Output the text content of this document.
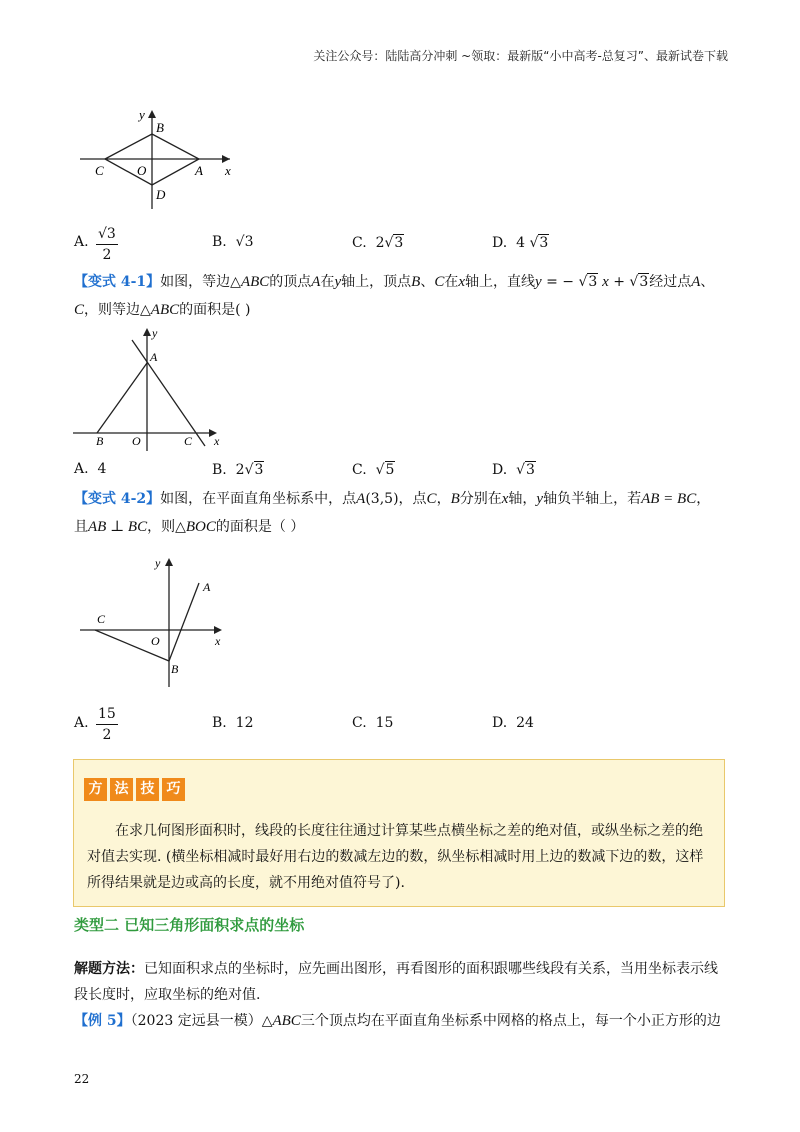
关注公众号：陆陆高分冲刺 ~领取：最新版“小中高考-总复习”、最新试卷下载
y
B
C	O	A x
D
A. √3
2
B. √3	C. 2√3	D. 4 √3
【变式 4-1】如图，等边△ABC的顶点A在y轴上，顶点B、C在x轴上，直线y = − √3 x + √3经过点A、
C，则等边△ABC的面积是( )
y
A
B O	C x
A. 4	B. 2√3	C. √5	D. √3
【变式 4-2】如图，在平面直角坐标系中，点A(3,5)，点C，B分别在x轴，y轴负半轴上，若AB = BC，
且AB ⊥ BC，则△BOC的面积是（ ）
y
A
C
O	x
B
A.
15
2
B. 12	C. 15	D. 24
方 法 技 巧
在求几何图形面积时，线段的长度往往通过计算某些点横坐标之差的绝对值，或纵坐标之差的绝对值去实现. (横坐标相减时最好用右边的数减左边的数，纵坐标相减时用上边的数减下边的数，这样所得结果就是边或高的长度，就不用绝对值符号了).
类型二 已知三角形面积求点的坐标
解题方法：已知面积求点的坐标时，应先画出图形，再看图形的面积跟哪些线段有关系，当用坐标表示线
段长度时，应取坐标的绝对值.
【例 5】（2023 定远县一模）△ABC三个顶点均在平面直角坐标系中网格的格点上，每一个小正方形的边
22
